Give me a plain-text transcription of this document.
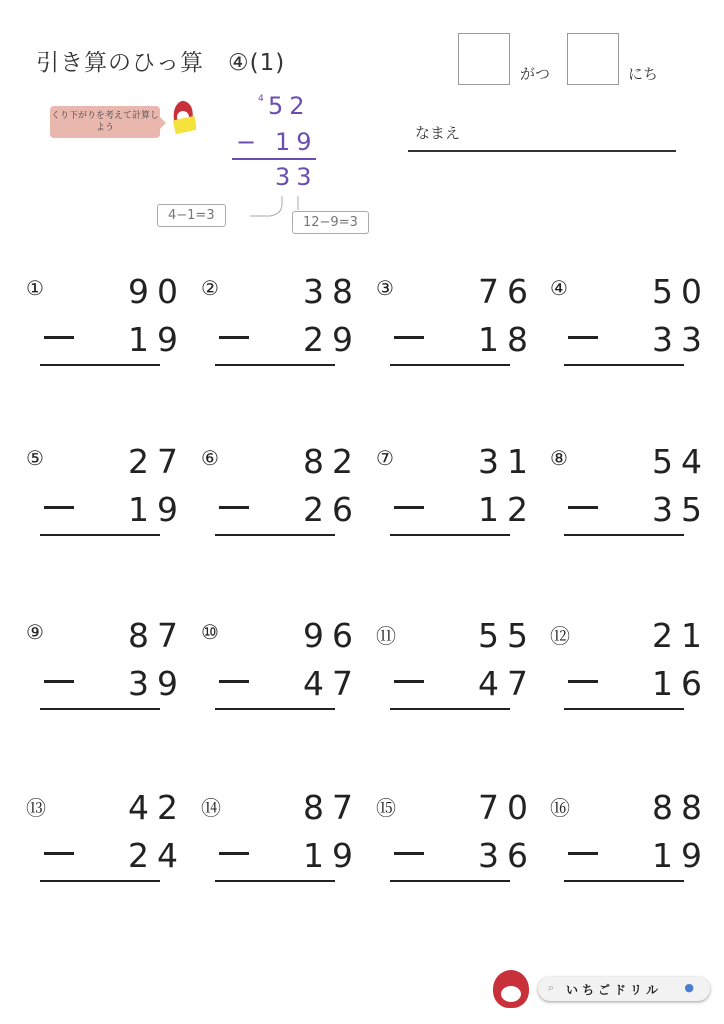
引き算のひっ算　④(1)	がつ	にち
なまえ
くり下がりを考えて計算しよう
4 52
− 19
33
4−1=3	12−9=3
①	90
19
②	38
29
③	76
18
④	50
33
⑤	27
19
⑥	82
26
⑦	31
12
⑧	54
35
⑨	87
39
⑩	96
47
⑪ 55
47
⑫ 21
16
⑬ 42
24
⑭ 87
19
⑮ 70
36
⑯ 88
19
⌕ いちごドリル ●
